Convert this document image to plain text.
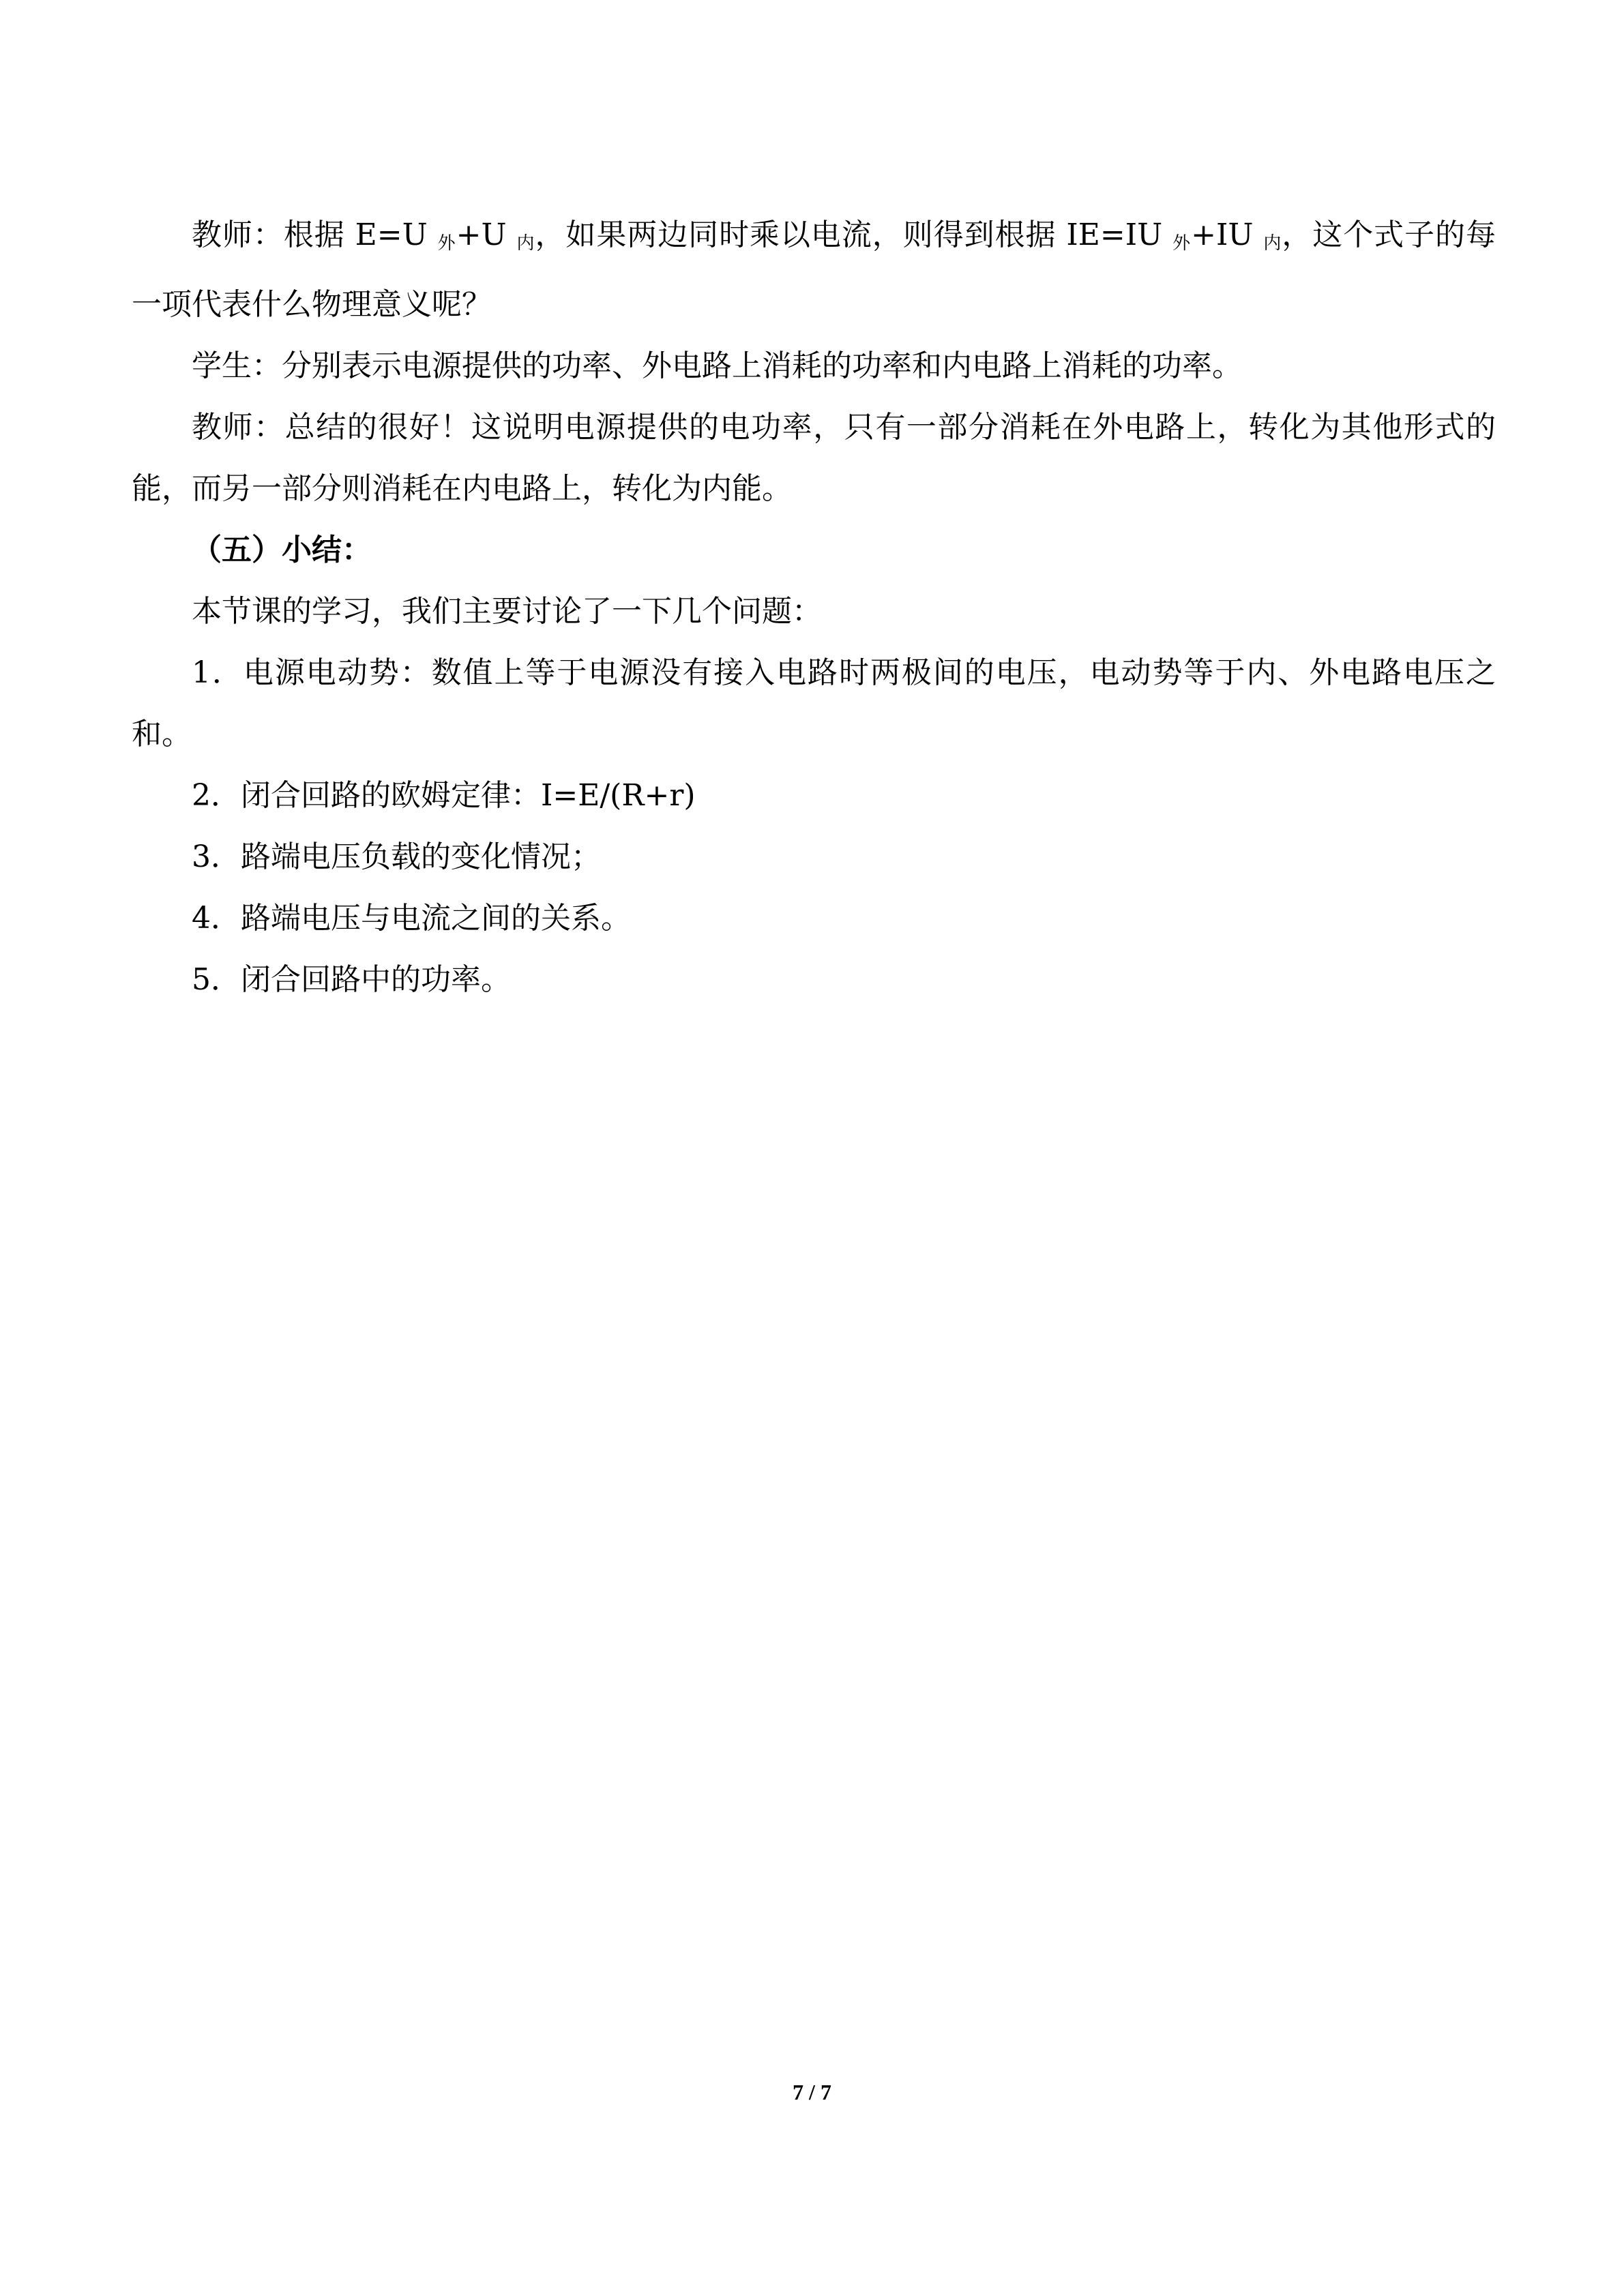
教师：根据 E=U $_外$+U $_内$，如果两边同时乘以电流，则得到根据 IE=IU $_外$+IU $_内$，这个式子的每一项代表什么物理意义呢？

学生：分别表示电源提供的功率、外电路上消耗的功率和内电路上消耗的功率。

教师：总结的很好！这说明电源提供的电功率，只有一部分消耗在外电路上，转化为其他形式的能，而另一部分则消耗在内电路上，转化为内能。

（五）小结：

本节课的学习，我们主要讨论了一下几个问题：

1．电源电动势：数值上等于电源没有接入电路时两极间的电压，电动势等于内、外电路电压之和。

2．闭合回路的欧姆定律：I=E/(R+r)

3．路端电压负载的变化情况；

4．路端电压与电流之间的关系。

5．闭合回路中的功率。

7 / 7
